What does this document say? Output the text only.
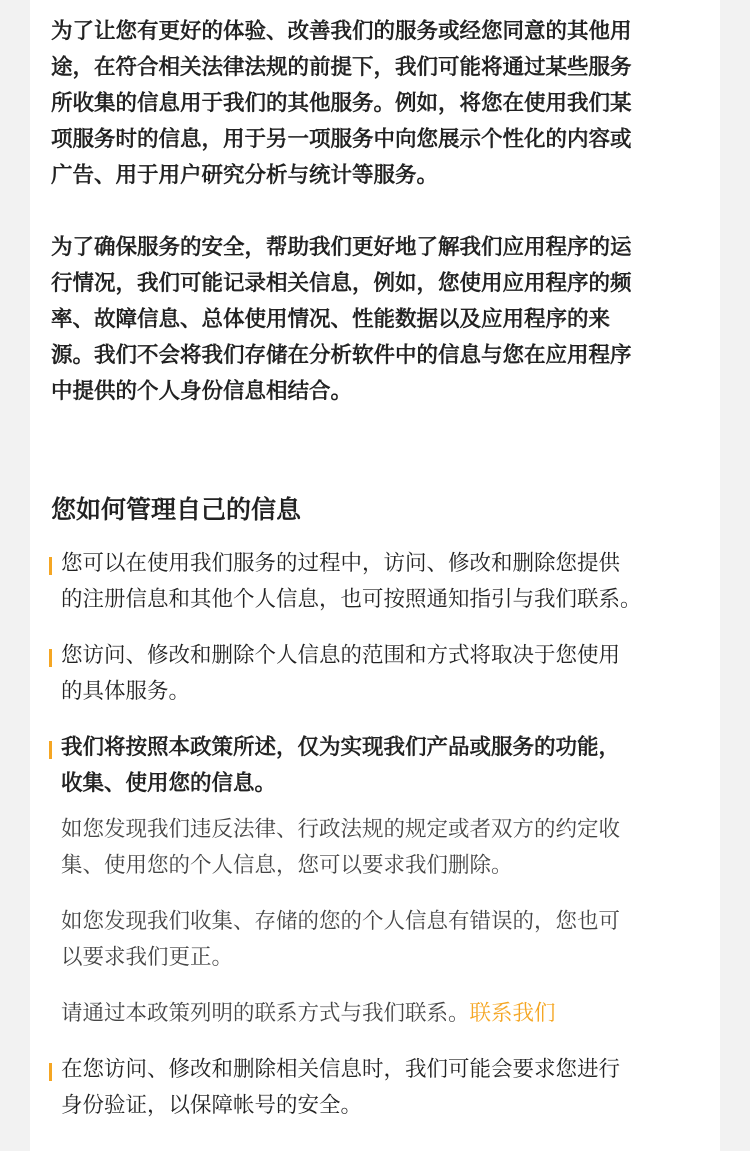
为了让您有更好的体验、改善我们的服务或经您同意的其他用
途，在符合相关法律法规的前提下，我们可能将通过某些服务
所收集的信息用于我们的其他服务。例如，将您在使用我们某
项服务时的信息，用于另一项服务中向您展示个性化的内容或
广告、用于用户研究分析与统计等服务。
为了确保服务的安全，帮助我们更好地了解我们应用程序的运
行情况，我们可能记录相关信息，例如，您使用应用程序的频
率、故障信息、总体使用情况、性能数据以及应用程序的来
源。我们不会将我们存储在分析软件中的信息与您在应用程序
中提供的个人身份信息相结合。
您如何管理自己的信息
您可以在使用我们服务的过程中，访问、修改和删除您提供
的注册信息和其他个人信息，也可按照通知指引与我们联系。
您访问、修改和删除个人信息的范围和方式将取决于您使用
的具体服务。
我们将按照本政策所述，仅为实现我们产品或服务的功能，
收集、使用您的信息。
如您发现我们违反法律、行政法规的规定或者双方的约定收
集、使用您的个人信息，您可以要求我们删除。
如您发现我们收集、存储的您的个人信息有错误的，您也可
以要求我们更正。
请通过本政策列明的联系方式与我们联系。联系我们
在您访问、修改和删除相关信息时，我们可能会要求您进行
身份验证，以保障帐号的安全。
